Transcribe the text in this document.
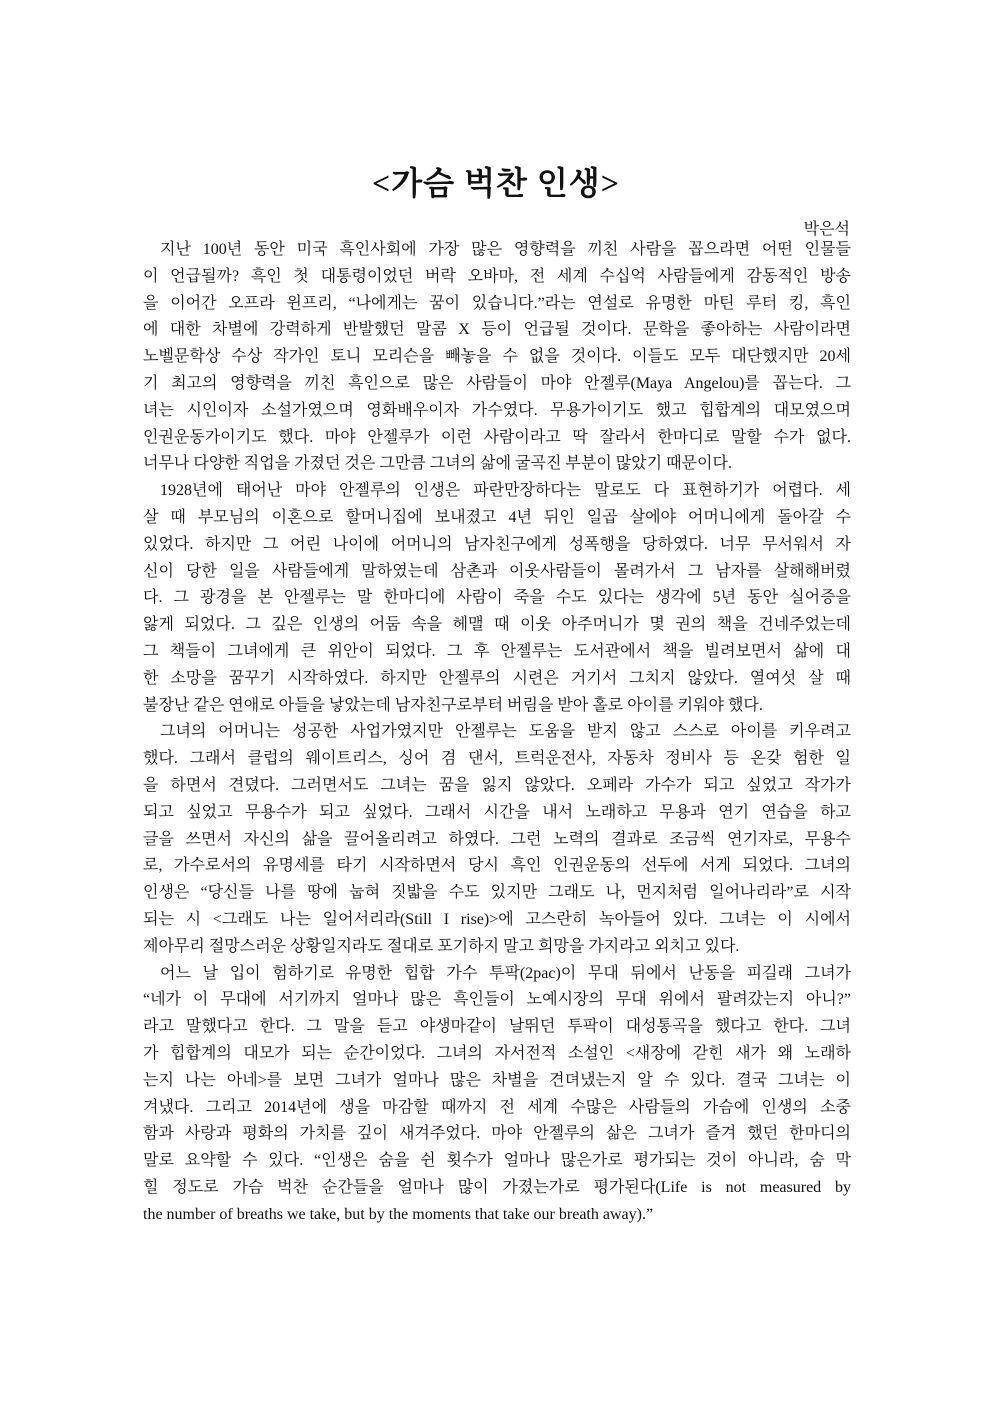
<가슴 벅찬 인생>
박은석
지난 100년 동안 미국 흑인사회에 가장 많은 영향력을 끼친 사람을 꼽으라면 어떤 인물들
이 언급될까? 흑인 첫 대통령이었던 버락 오바마, 전 세계 수십억 사람들에게 감동적인 방송
을 이어간 오프라 윈프리, “나에게는 꿈이 있습니다.”라는 연설로 유명한 마틴 루터 킹, 흑인
에 대한 차별에 강력하게 반발했던 말콤 X 등이 언급될 것이다. 문학을 좋아하는 사람이라면
노벨문학상 수상 작가인 토니 모리슨을 빼놓을 수 없을 것이다. 이들도 모두 대단했지만 20세
기 최고의 영향력을 끼친 흑인으로 많은 사람들이 마야 안젤루(Maya Angelou)를 꼽는다. 그
녀는 시인이자 소설가였으며 영화배우이자 가수였다. 무용가이기도 했고 힙합계의 대모였으며
인권운동가이기도 했다. 마야 안젤루가 이런 사람이라고 딱 잘라서 한마디로 말할 수가 없다.
너무나 다양한 직업을 가졌던 것은 그만큼 그녀의 삶에 굴곡진 부분이 많았기 때문이다.
1928년에 태어난 마야 안젤루의 인생은 파란만장하다는 말로도 다 표현하기가 어렵다. 세
살 때 부모님의 이혼으로 할머니집에 보내졌고 4년 뒤인 일곱 살에야 어머니에게 돌아갈 수
있었다. 하지만 그 어린 나이에 어머니의 남자친구에게 성폭행을 당하였다. 너무 무서워서 자
신이 당한 일을 사람들에게 말하였는데 삼촌과 이웃사람들이 몰려가서 그 남자를 살해해버렸
다. 그 광경을 본 안젤루는 말 한마디에 사람이 죽을 수도 있다는 생각에 5년 동안 실어증을
앓게 되었다. 그 깊은 인생의 어둠 속을 헤맬 때 이웃 아주머니가 몇 권의 책을 건네주었는데
그 책들이 그녀에게 큰 위안이 되었다. 그 후 안젤루는 도서관에서 책을 빌려보면서 삶에 대
한 소망을 꿈꾸기 시작하였다. 하지만 안젤루의 시련은 거기서 그치지 않았다. 열여섯 살 때
불장난 같은 연애로 아들을 낳았는데 남자친구로부터 버림을 받아 홀로 아이를 키워야 했다.
그녀의 어머니는 성공한 사업가였지만 안젤루는 도움을 받지 않고 스스로 아이를 키우려고
했다. 그래서 클럽의 웨이트리스, 싱어 겸 댄서, 트럭운전사, 자동차 정비사 등 온갖 험한 일
을 하면서 견뎠다. 그러면서도 그녀는 꿈을 잃지 않았다. 오페라 가수가 되고 싶었고 작가가
되고 싶었고 무용수가 되고 싶었다. 그래서 시간을 내서 노래하고 무용과 연기 연습을 하고
글을 쓰면서 자신의 삶을 끌어올리려고 하였다. 그런 노력의 결과로 조금씩 연기자로, 무용수
로, 가수로서의 유명세를 타기 시작하면서 당시 흑인 인권운동의 선두에 서게 되었다. 그녀의
인생은 “당신들 나를 땅에 눕혀 짓밟을 수도 있지만 그래도 나, 먼지처럼 일어나리라”로 시작
되는 시 <그래도 나는 일어서리라(Still I rise)>에 고스란히 녹아들어 있다. 그녀는 이 시에서
제아무리 절망스러운 상황일지라도 절대로 포기하지 말고 희망을 가지라고 외치고 있다.
어느 날 입이 험하기로 유명한 힙합 가수 투팍(2pac)이 무대 뒤에서 난동을 피길래 그녀가
“네가 이 무대에 서기까지 얼마나 많은 흑인들이 노예시장의 무대 위에서 팔려갔는지 아니?”
라고 말했다고 한다. 그 말을 듣고 야생마같이 날뛰던 투팍이 대성통곡을 했다고 한다. 그녀
가 힙합계의 대모가 되는 순간이었다. 그녀의 자서전적 소설인 <새장에 갇힌 새가 왜 노래하
는지 나는 아네>를 보면 그녀가 얼마나 많은 차별을 견뎌냈는지 알 수 있다. 결국 그녀는 이
겨냈다. 그리고 2014년에 생을 마감할 때까지 전 세계 수많은 사람들의 가슴에 인생의 소중
함과 사랑과 평화의 가치를 깊이 새겨주었다. 마야 안젤루의 삶은 그녀가 즐겨 했던 한마디의
말로 요약할 수 있다. “인생은 숨을 쉰 횟수가 얼마나 많은가로 평가되는 것이 아니라, 숨 막
힐 정도로 가슴 벅찬 순간들을 얼마나 많이 가졌는가로 평가된다(Life is not measured by
the number of breaths we take, but by the moments that take our breath away).”
